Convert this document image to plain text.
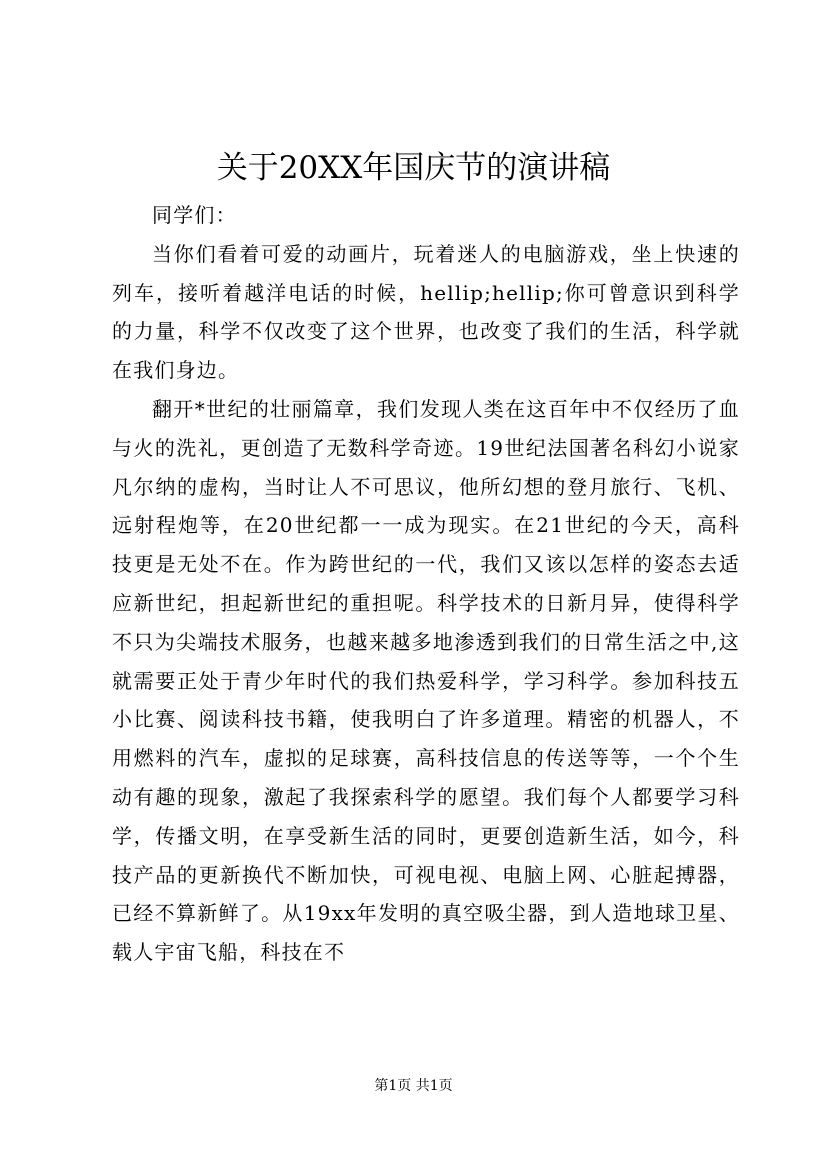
关于20XX年国庆节的演讲稿

同学们：

当你们看着可爱的动画片，玩着迷人的电脑游戏，坐上快速的列车，接听着越洋电话的时候，hellip;hellip;你可曾意识到科学的力量，科学不仅改变了这个世界，也改变了我们的生活，科学就在我们身边。

翻开*世纪的壮丽篇章，我们发现人类在这百年中不仅经历了血与火的洗礼，更创造了无数科学奇迹。19世纪法国著名科幻小说家凡尔纳的虚构，当时让人不可思议，他所幻想的登月旅行、飞机、远射程炮等，在20世纪都一一成为现实。在21世纪的今天，高科技更是无处不在。作为跨世纪的一代，我们又该以怎样的姿态去适应新世纪，担起新世纪的重担呢。科学技术的日新月异，使得科学不只为尖端技术服务，也越来越多地渗透到我们的日常生活之中,这就需要正处于青少年时代的我们热爱科学，学习科学。参加科技五小比赛、阅读科技书籍，使我明白了许多道理。精密的机器人，不用燃料的汽车，虚拟的足球赛，高科技信息的传送等等，一个个生动有趣的现象，激起了我探索科学的愿望。我们每个人都要学习科学，传播文明，在享受新生活的同时，更要创造新生活，如今，科技产品的更新换代不断加快，可视电视、电脑上网、心脏起搏器，已经不算新鲜了。从19xx年发明的真空吸尘器，到人造地球卫星、载人宇宙飞船，科技在不

第1页 共1页
